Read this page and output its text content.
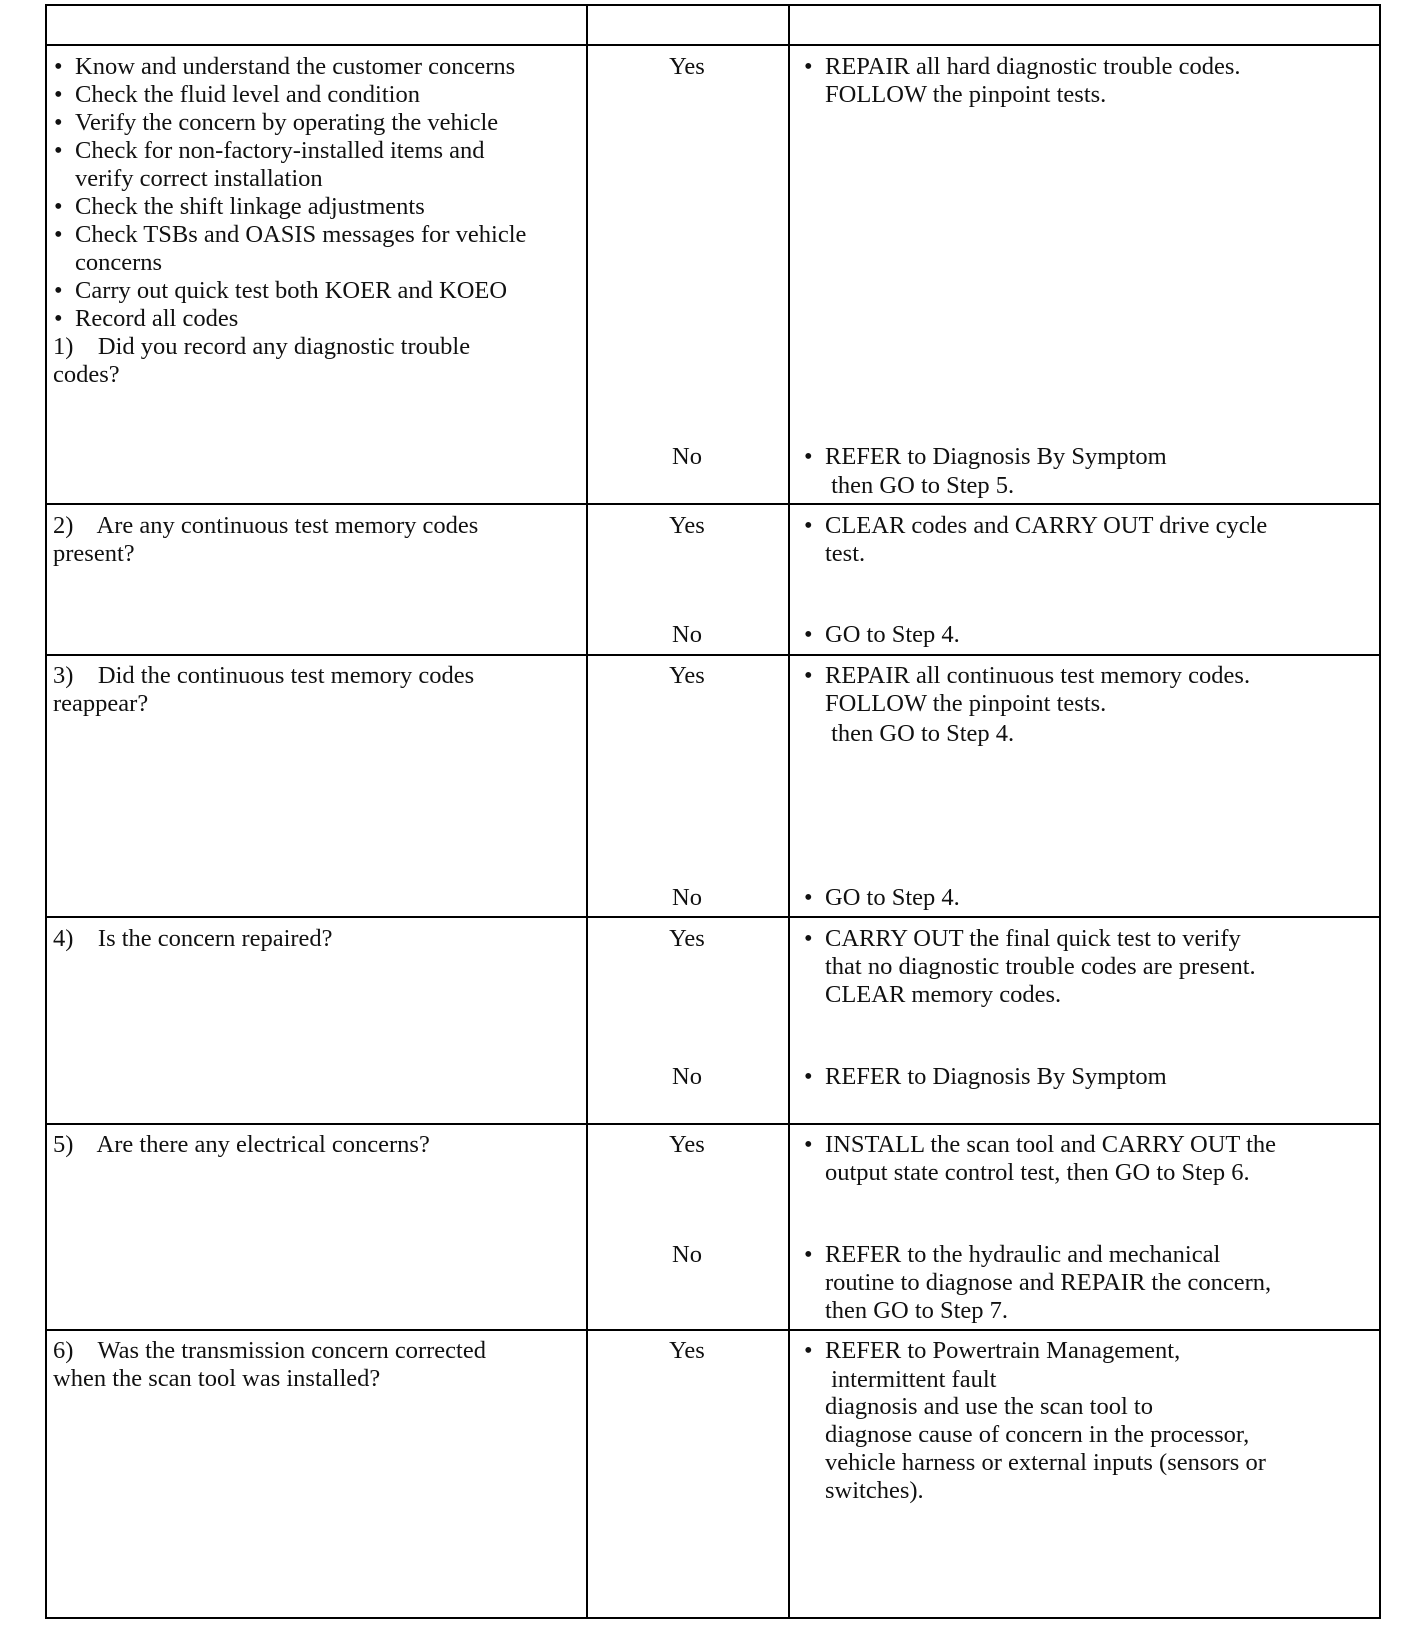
• Know and understand the customer concerns
• Check the fluid level and condition
• Verify the concern by operating the vehicle
• Check for non-factory-installed items and
verify correct installation
• Check the shift linkage adjustments
• Check TSBs and OASIS messages for vehicle
concerns
• Carry out quick test both KOER and KOEO
• Record all codes
1)    Did you record any diagnostic trouble
codes?
Yes
No
• REPAIR all hard diagnostic trouble codes.
FOLLOW the pinpoint tests.
• REFER to Diagnosis By Symptom
then GO to Step 5.
2)    Are any continuous test memory codes
present?
Yes
No
• CLEAR codes and CARRY OUT drive cycle
test.
• GO to Step 4.
3)    Did the continuous test memory codes
reappear?
Yes
No
• REPAIR all continuous test memory codes.
FOLLOW the pinpoint tests.
then GO to Step 4.
• GO to Step 4.
4)    Is the concern repaired?	Yes
No
• CARRY OUT the final quick test to verify
that no diagnostic trouble codes are present.
CLEAR memory codes.
• REFER to Diagnosis By Symptom
5)    Are there any electrical concerns?	Yes
No
• INSTALL the scan tool and CARRY OUT the
output state control test, then GO to Step 6.
• REFER to the hydraulic and mechanical
routine to diagnose and REPAIR the concern,
then GO to Step 7.
6)    Was the transmission concern corrected
when the scan tool was installed?
Yes
•	REFER to Powertrain Management,
intermittent fault
diagnosis and use the scan tool to
diagnose cause of concern in the processor,
vehicle harness or external inputs (sensors or
switches).
